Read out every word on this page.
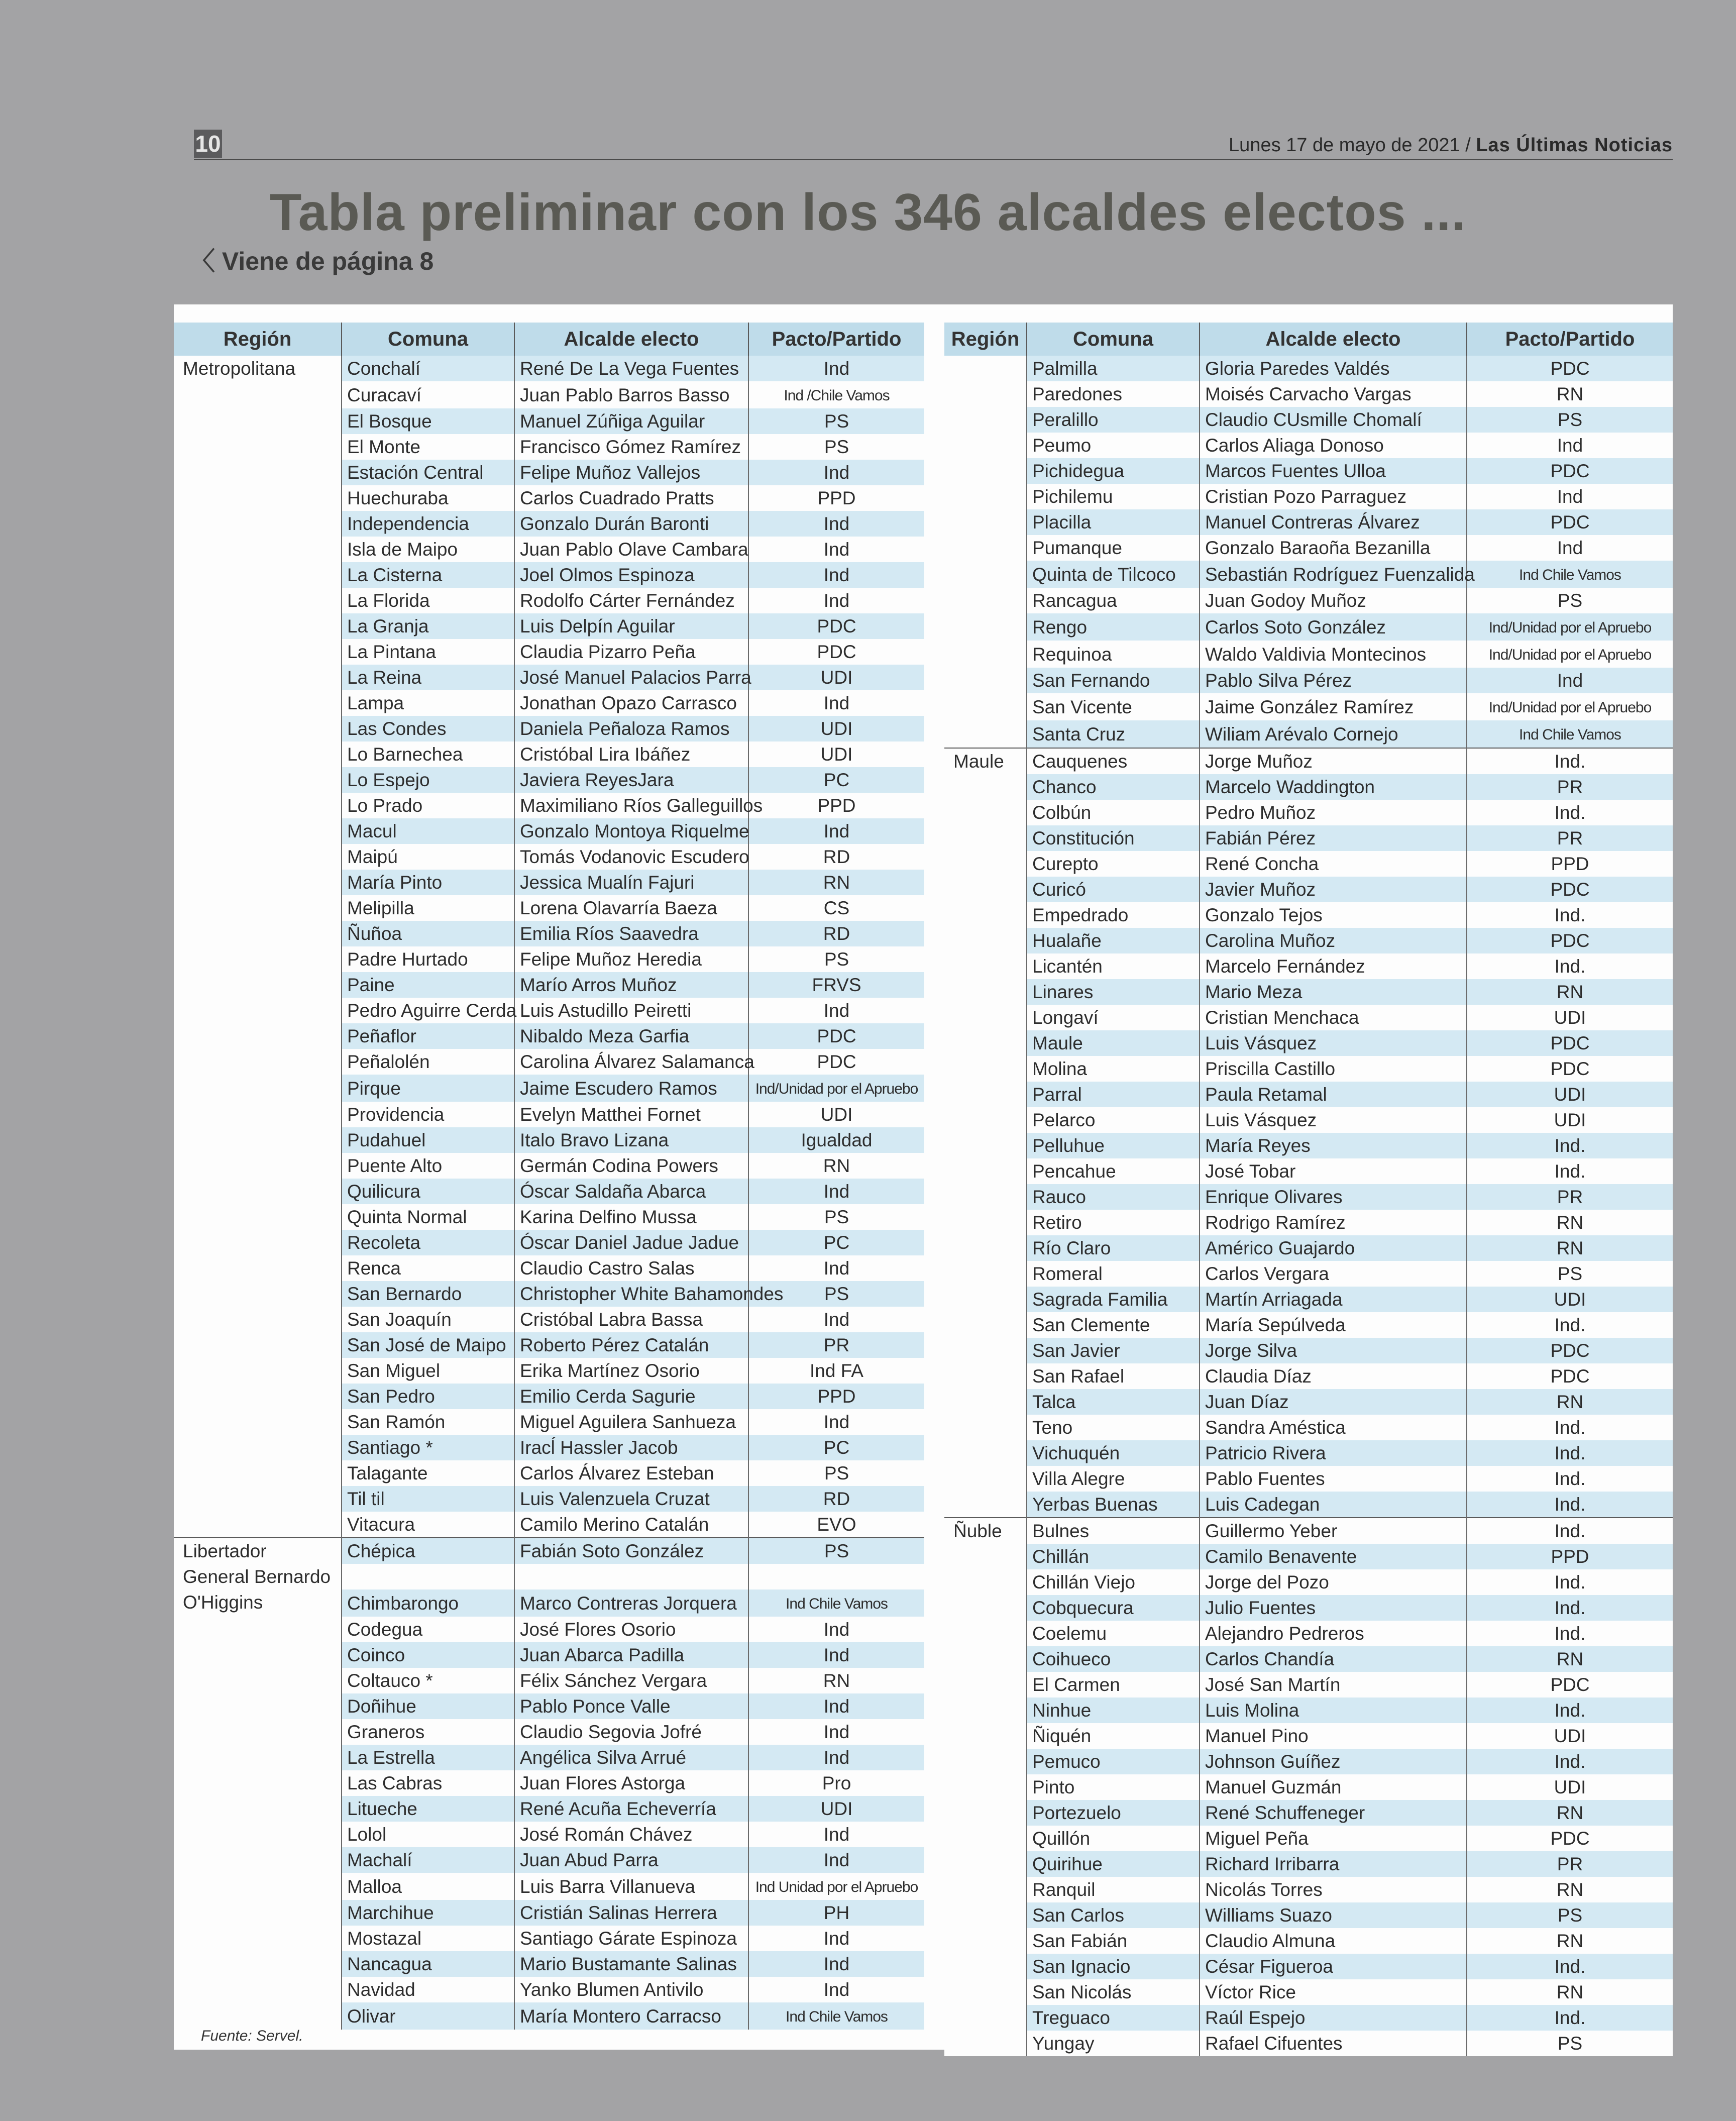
10	Lunes 17 de mayo de 2021 / Las Últimas Noticias
Tabla preliminar con los 346 alcaldes electos ...
〈 Viene de página 8
Región	Comuna	Alcalde electo	Pacto/Partido
Metropolitana	Conchalí	René De La Vega Fuentes	Ind
	Curacaví	Juan Pablo Barros Basso	Ind /Chile Vamos
	El Bosque	Manuel Zúñiga Aguilar	PS
	El Monte	Francisco Gómez Ramírez	PS
	Estación Central	Felipe Muñoz Vallejos	Ind
	Huechuraba	Carlos Cuadrado Pratts	PPD
	Independencia	Gonzalo Durán Baronti	Ind
	Isla de Maipo	Juan Pablo Olave Cambara	Ind
	La Cisterna	Joel Olmos Espinoza	Ind
	La Florida	Rodolfo Cárter Fernández	Ind
	La Granja	Luis Delpín Aguilar	PDC
	La Pintana	Claudia Pizarro Peña	PDC
	La Reina	José Manuel Palacios Parra	UDI
	Lampa	Jonathan Opazo Carrasco	Ind
	Las Condes	Daniela Peñaloza Ramos	UDI
	Lo Barnechea	Cristóbal Lira Ibáñez	UDI
	Lo Espejo	Javiera ReyesJara	PC
	Lo Prado	Maximiliano Ríos Galleguillos	PPD
	Macul	Gonzalo Montoya Riquelme	Ind
	Maipú	Tomás Vodanovic Escudero	RD
	María Pinto	Jessica Mualín Fajuri	RN
	Melipilla	Lorena Olavarría Baeza	CS
	Ñuñoa	Emilia Ríos Saavedra	RD
	Padre Hurtado	Felipe Muñoz Heredia	PS
	Paine	Marío Arros Muñoz	FRVS
	Pedro Aguirre Cerda	Luis Astudillo Peiretti	Ind
	Peñaflor	Nibaldo Meza Garfia	PDC
	Peñalolén	Carolina Álvarez Salamanca	PDC
	Pirque	Jaime Escudero Ramos	Ind/Unidad por el Apruebo
	Providencia	Evelyn Matthei Fornet	UDI
	Pudahuel	Italo Bravo Lizana	Igualdad
	Puente Alto	Germán Codina Powers	RN
	Quilicura	Óscar Saldaña Abarca	Ind
	Quinta Normal	Karina Delfino Mussa	PS
	Recoleta	Óscar Daniel Jadue Jadue	PC
	Renca	Claudio Castro Salas	Ind
	San Bernardo	Christopher White Bahamondes	PS
	San Joaquín	Cristóbal Labra Bassa	Ind
	San José de Maipo	Roberto Pérez Catalán	PR
	San Miguel	Erika Martínez Osorio	Ind FA
	San Pedro	Emilio Cerda Sagurie	PPD
	San Ramón	Miguel Aguilera Sanhueza	Ind
	Santiago *	Iracĺ Hassler Jacob	PC
	Talagante	Carlos Álvarez Esteban	PS
	Til til	Luis Valenzuela Cruzat	RD
	Vitacura	Camilo Merino Catalán	EVO
Libertador
General Bernardo
O'Higgins	Chépica	Fabián Soto González	PS

	Chimbarongo	Marco Contreras Jorquera	Ind Chile Vamos
	Codegua	José Flores Osorio	Ind
	Coinco	Juan Abarca Padilla	Ind
	Coltauco *	Félix Sánchez Vergara	RN
	Doñihue	Pablo Ponce Valle	Ind
	Graneros	Claudio Segovia Jofré	Ind
	La Estrella	Angélica Silva Arrué	Ind
	Las Cabras	Juan Flores Astorga	Pro
	Litueche	René Acuña Echeverría	UDI
	Lolol	José Román Chávez	Ind
	Machalí	Juan Abud Parra	Ind
	Malloa	Luis Barra Villanueva	Ind Unidad por el Apruebo
	Marchihue	Cristián Salinas Herrera	PH
	Mostazal	Santiago Gárate Espinoza	Ind
	Nancagua	Mario Bustamante Salinas	Ind
	Navidad	Yanko Blumen Antivilo	Ind
	Olivar	María Montero Carracso	Ind Chile Vamos
Región	Comuna	Alcalde electo	Pacto/Partido
	Palmilla	Gloria Paredes Valdés	PDC
	Paredones	Moisés Carvacho Vargas	RN
	Peralillo	Claudio CUsmille Chomalí	PS
	Peumo	Carlos Aliaga Donoso	Ind
	Pichidegua	Marcos Fuentes Ulloa	PDC
	Pichilemu	Cristian Pozo Parraguez	Ind
	Placilla	Manuel Contreras Álvarez	PDC
	Pumanque	Gonzalo Baraoña Bezanilla	Ind
	Quinta de Tilcoco	Sebastián Rodríguez Fuenzalida	Ind Chile Vamos
	Rancagua	Juan Godoy Muñoz	PS
	Rengo	Carlos Soto González	Ind/Unidad por el Apruebo
	Requinoa	Waldo Valdivia Montecinos	Ind/Unidad por el Apruebo
	San Fernando	Pablo Silva Pérez	Ind
	San Vicente	Jaime González Ramírez	Ind/Unidad por el Apruebo
	Santa Cruz	Wiliam Arévalo Cornejo	Ind Chile Vamos
Maule	Cauquenes	Jorge Muñoz	Ind.
	Chanco	Marcelo Waddington	PR
	Colbún	Pedro Muñoz	Ind.
	Constitución	Fabián Pérez	PR
	Curepto	René Concha	PPD
	Curicó	Javier Muñoz	PDC
	Empedrado	Gonzalo Tejos	Ind.
	Hualañe	Carolina Muñoz	PDC
	Licantén	Marcelo Fernández	Ind.
	Linares	Mario Meza	RN
	Longaví	Cristian Menchaca	UDI
	Maule	Luis Vásquez	PDC
	Molina	Priscilla Castillo	PDC
	Parral	Paula Retamal	UDI
	Pelarco	Luis Vásquez	UDI
	Pelluhue	María Reyes	Ind.
	Pencahue	José Tobar	Ind.
	Rauco	Enrique Olivares	PR
	Retiro	Rodrigo Ramírez	RN
	Río Claro	Américo Guajardo	RN
	Romeral	Carlos Vergara	PS
	Sagrada Familia	Martín Arriagada	UDI
	San Clemente	María Sepúlveda	Ind.
	San Javier	Jorge Silva	PDC
	San Rafael	Claudia Díaz	PDC
	Talca	Juan Díaz	RN
	Teno	Sandra Améstica	Ind.
	Vichuquén	Patricio Rivera	Ind.
	Villa Alegre	Pablo Fuentes	Ind.
	Yerbas Buenas	Luis Cadegan	Ind.
Ñuble	Bulnes	Guillermo Yeber	Ind.
	Chillán	Camilo Benavente	PPD
	Chillán Viejo	Jorge del Pozo	Ind.
	Cobquecura	Julio Fuentes	Ind.
	Coelemu	Alejandro Pedreros	Ind.
	Coihueco	Carlos Chandía	RN
	El Carmen	José San Martín	PDC
	Ninhue	Luis Molina	Ind.
	Ñiquén	Manuel Pino	UDI
	Pemuco	Johnson Guíñez	Ind.
	Pinto	Manuel Guzmán	UDI
	Portezuelo	René Schuffeneger	RN
	Quillón	Miguel Peña	PDC
	Quirihue	Richard Irribarra	PR
	Ranquil	Nicolás Torres	RN
	San Carlos	Williams Suazo	PS
	San Fabián	Claudio Almuna	RN
	San Ignacio	César Figueroa	Ind.
	San Nicolás	Víctor Rice	RN
	Treguaco	Raúl Espejo	Ind.
	Yungay	Rafael Cifuentes	PS
Fuente: Servel.
